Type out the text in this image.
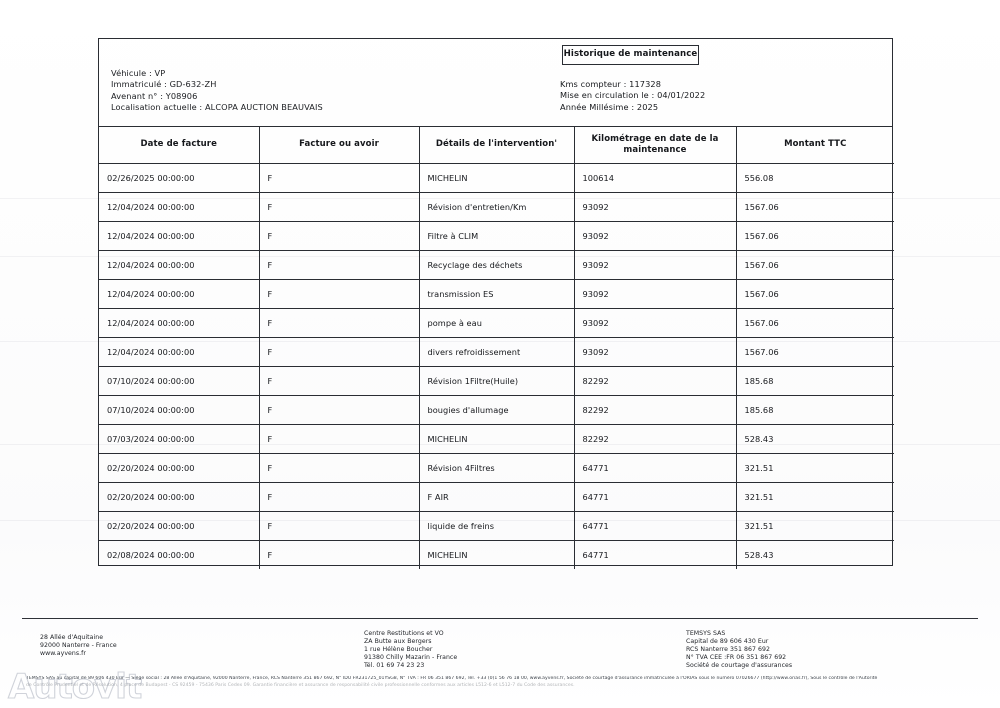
Véhicule : VP
Immatriculé : GD-632-ZH
Avenant n° : Y08906
Localisation actuelle : ALCOPA AUCTION BEAUVAIS
Historique de maintenance
Kms compteur : 117328
Mise en circulation le : 04/01/2022
Année Millésime : 2025
Date de facture	Facture ou avoir	Détails de l'intervention'	Kilométrage en date de la maintenance	Montant TTC
02/26/2025 00:00:00	F	MICHELIN	100614	556.08
12/04/2024 00:00:00	F	Révision d'entretien/Km	93092	1567.06
12/04/2024 00:00:00	F	Filtre à CLIM	93092	1567.06
12/04/2024 00:00:00	F	Recyclage des déchets	93092	1567.06
12/04/2024 00:00:00	F	transmission ES	93092	1567.06
12/04/2024 00:00:00	F	pompe à eau	93092	1567.06
12/04/2024 00:00:00	F	divers refroidissement	93092	1567.06
07/10/2024 00:00:00	F	Révision 1Filtre(Huile)	82292	185.68
07/10/2024 00:00:00	F	bougies d'allumage	82292	185.68
07/03/2024 00:00:00	F	MICHELIN	82292	528.43
02/20/2024 00:00:00	F	Révision 4Filtres	64771	321.51
02/20/2024 00:00:00	F	F AIR	64771	321.51
02/20/2024 00:00:00	F	liquide de freins	64771	321.51
02/08/2024 00:00:00	F	MICHELIN	64771	528.43
28 Allée d'Aquitaine
92000 Nanterre - France
www.ayvens.fr
Centre Restitutions et VO
ZA Butte aux Bergers
1 rue Hélène Boucher
91380 Chilly Mazarin - France
Tél. 01 69 74 23 23
TEMSYS SAS
Capital de 89 606 430 Eur
RCS Nanterre 351 867 692
N° TVA CEE :FR 06 351 867 692
Société de courtage d'assurances
TEMSYS SAS au capital de 89 606 430 Eur — Siège social : 28 Allée d'Aquitaine, 92000 Nanterre, France, RCS Nanterre 351 867 692, N° IDU FR231725_01YSG8, N° TVA : FR 06 351 867 692, Tél. +33 (0)1 56 76 18 00, www.ayvens.fr, Société de courtage d'assurance immatriculée à l'ORIAS sous le numéro 07026677 (http://www.orias.fr), Sous le contrôle de l'Autorité
de Contrôle Prudentiel et de Résolution, 4 place de Budapest - CS 92459 - 75436 Paris Cedex 09. Garantie financière et assurance de responsabilité civile professionnelle conformes aux articles L512-6 et L512-7 du Code des assurances.
